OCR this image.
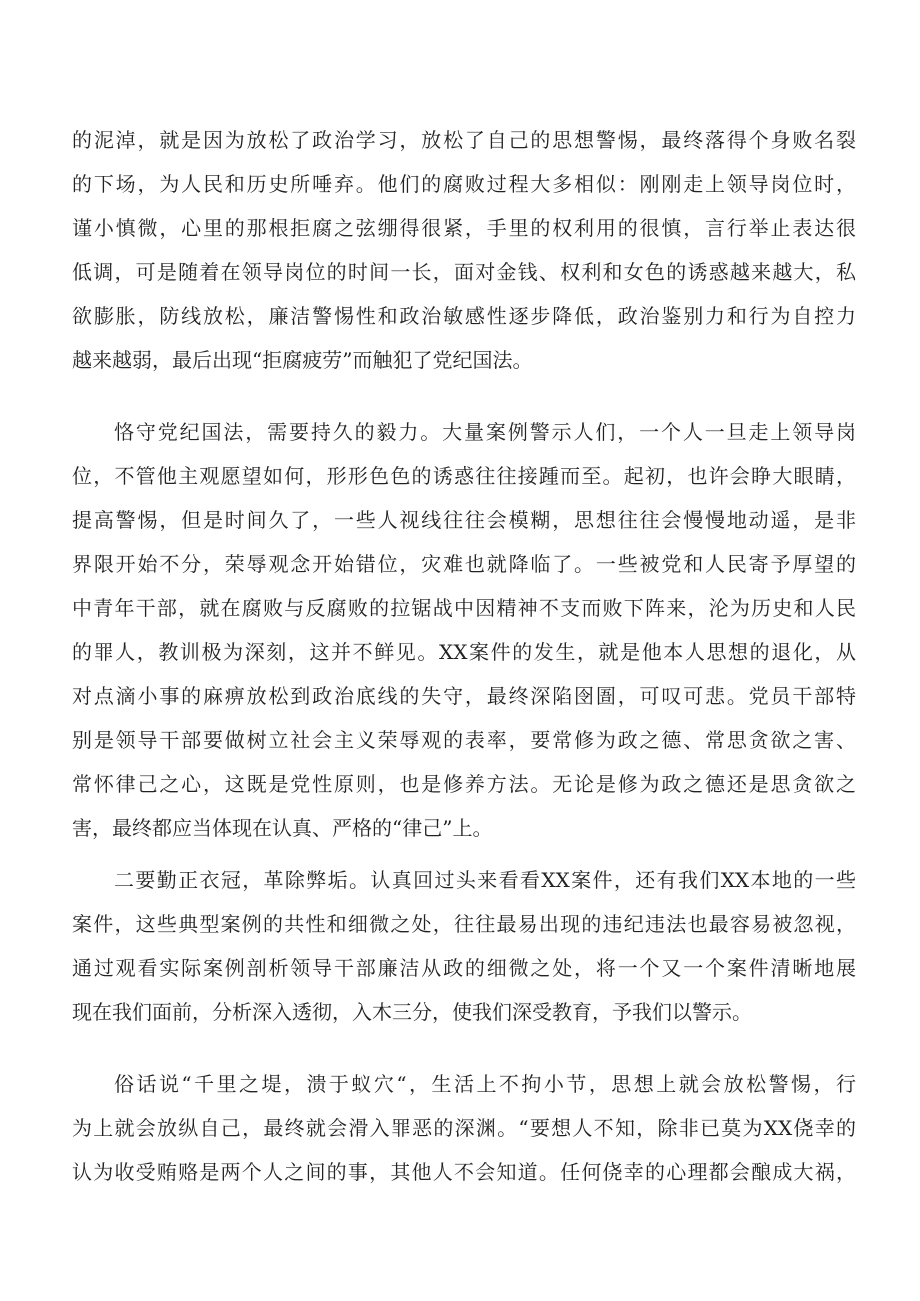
的泥淖，就是因为放松了政治学习，放松了自己的思想警惕，最终落得个身败名裂
的下场，为人民和历史所唾弃。他们的腐败过程大多相似：刚刚走上领导岗位时，
谨小慎微，心里的那根拒腐之弦绷得很紧，手里的权利用的很慎，言行举止表达很
低调，可是随着在领导岗位的时间一长，面对金钱、权利和女色的诱惑越来越大，私
欲膨胀，防线放松，廉洁警惕性和政治敏感性逐步降低，政治鉴别力和行为自控力
越来越弱，最后出现“拒腐疲劳”而触犯了党纪国法。
恪守党纪国法，需要持久的毅力。大量案例警示人们，一个人一旦走上领导岗
位，不管他主观愿望如何，形形色色的诱惑往往接踵而至。起初，也许会睁大眼睛，
提高警惕，但是时间久了，一些人视线往往会模糊，思想往往会慢慢地动遥，是非
界限开始不分，荣辱观念开始错位，灾难也就降临了。一些被党和人民寄予厚望的
中青年干部，就在腐败与反腐败的拉锯战中因精神不支而败下阵来，沦为历史和人民
的罪人，教训极为深刻，这并不鲜见。XX案件的发生，就是他本人思想的退化，从
对点滴小事的麻痹放松到政治底线的失守，最终深陷囹圄，可叹可悲。党员干部特
别是领导干部要做树立社会主义荣辱观的表率，要常修为政之德、常思贪欲之害、
常怀律己之心，这既是党性原则，也是修养方法。无论是修为政之德还是思贪欲之
害，最终都应当体现在认真、严格的“律己”上。
二要勤正衣冠，革除弊垢。认真回过头来看看XX案件，还有我们XX本地的一些
案件，这些典型案例的共性和细微之处，往往最易出现的违纪违法也最容易被忽视，
通过观看实际案例剖析领导干部廉洁从政的细微之处，将一个又一个案件清晰地展
现在我们面前，分析深入透彻，入木三分，使我们深受教育，予我们以警示。
俗话说“千里之堤，溃于蚁穴“，生活上不拘小节，思想上就会放松警惕，行
为上就会放纵自己，最终就会滑入罪恶的深渊。“要想人不知，除非已莫为XX侥幸的
认为收受贿赂是两个人之间的事，其他人不会知道。任何侥幸的心理都会酿成大祸，
